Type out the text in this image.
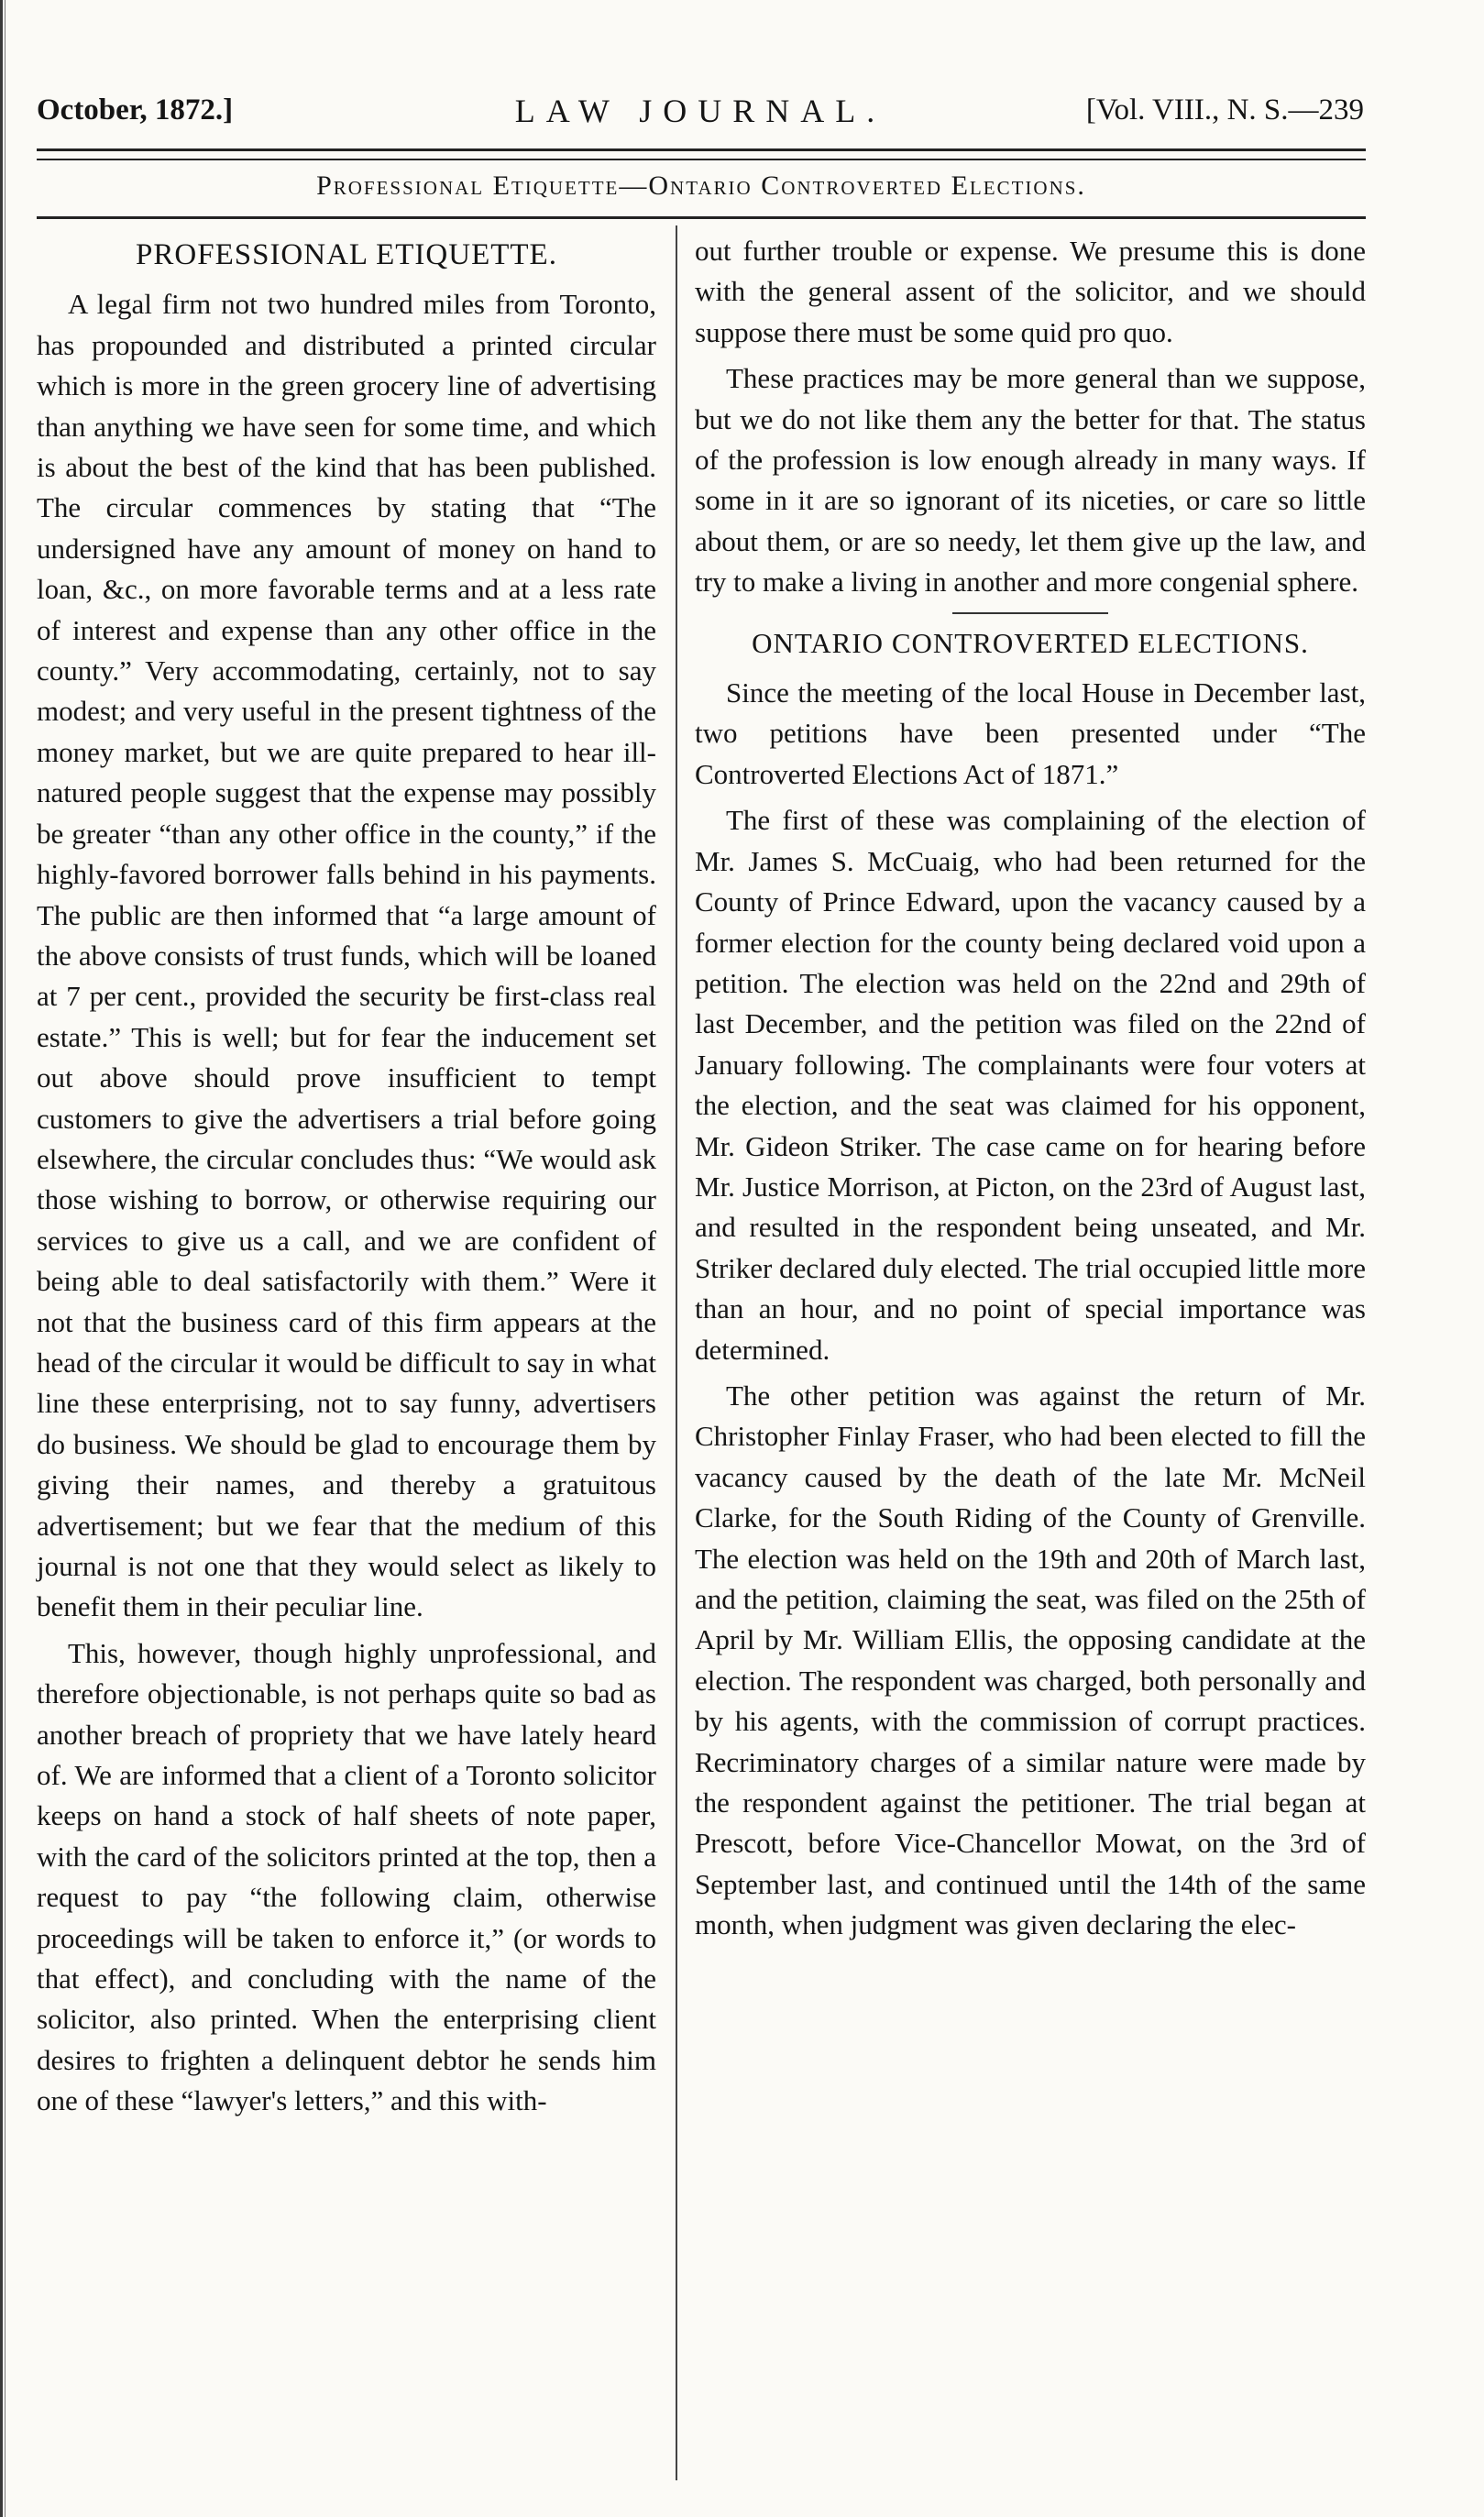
October, 1872.]	LAW JOURNAL.	[Vol. VIII., N. S.—239
Professional Etiquette—Ontario Controverted Elections.
PROFESSIONAL ETIQUETTE.

A legal firm not two hundred miles from Toronto, has propounded and distributed a printed circular which is more in the green grocery line of advertising than anything we have seen for some time, and which is about the best of the kind that has been published. The circular commences by stating that “The undersigned have any amount of money on hand to loan, &c., on more favorable terms and at a less rate of interest and expense than any other office in the county.” Very accommodating, certainly, not to say modest; and very useful in the present tightness of the money market, but we are quite prepared to hear ill-natured people suggest that the expense may possibly be greater “than any other office in the county,” if the highly-favored borrower falls behind in his payments. The public are then informed that “a large amount of the above consists of trust funds, which will be loaned at 7 per cent., provided the security be first-class real estate.” This is well; but for fear the inducement set out above should prove insufficient to tempt customers to give the advertisers a trial before going elsewhere, the circular concludes thus: “We would ask those wishing to borrow, or otherwise requiring our services to give us a call, and we are confident of being able to deal satisfactorily with them.” Were it not that the business card of this firm appears at the head of the circular it would be difficult to say in what line these enterprising, not to say funny, advertisers do business. We should be glad to encourage them by giving their names, and thereby a gratuitous advertisement; but we fear that the medium of this journal is not one that they would select as likely to benefit them in their peculiar line.

This, however, though highly unprofessional, and therefore objectionable, is not perhaps quite so bad as another breach of propriety that we have lately heard of. We are informed that a client of a Toronto solicitor keeps on hand a stock of half sheets of note paper, with the card of the solicitors printed at the top, then a request to pay “the following claim, otherwise proceedings will be taken to enforce it,” (or words to that effect), and concluding with the name of the solicitor, also printed. When the enterprising client desires to frighten a delinquent debtor he sends him one of these “lawyer's letters,” and this with-

out further trouble or expense. We presume this is done with the general assent of the solicitor, and we should suppose there must be some quid pro quo.

These practices may be more general than we suppose, but we do not like them any the better for that. The status of the profession is low enough already in many ways. If some in it are so ignorant of its niceties, or care so little about them, or are so needy, let them give up the law, and try to make a living in another and more congenial sphere.

ONTARIO CONTROVERTED ELECTIONS.

Since the meeting of the local House in December last, two petitions have been presented under “The Controverted Elections Act of 1871.”

The first of these was complaining of the election of Mr. James S. McCuaig, who had been returned for the County of Prince Edward, upon the vacancy caused by a former election for the county being declared void upon a petition. The election was held on the 22nd and 29th of last December, and the petition was filed on the 22nd of January following. The complainants were four voters at the election, and the seat was claimed for his opponent, Mr. Gideon Striker. The case came on for hearing before Mr. Justice Morrison, at Picton, on the 23rd of August last, and resulted in the respondent being unseated, and Mr. Striker declared duly elected. The trial occupied little more than an hour, and no point of special importance was determined.

The other petition was against the return of Mr. Christopher Finlay Fraser, who had been elected to fill the vacancy caused by the death of the late Mr. McNeil Clarke, for the South Riding of the County of Grenville. The election was held on the 19th and 20th of March last, and the petition, claiming the seat, was filed on the 25th of April by Mr. William Ellis, the opposing candidate at the election. The respondent was charged, both personally and by his agents, with the commission of corrupt practices. Recriminatory charges of a similar nature were made by the respondent against the petitioner. The trial began at Prescott, before Vice-Chancellor Mowat, on the 3rd of September last, and continued until the 14th of the same month, when judgment was given declaring the elec-
